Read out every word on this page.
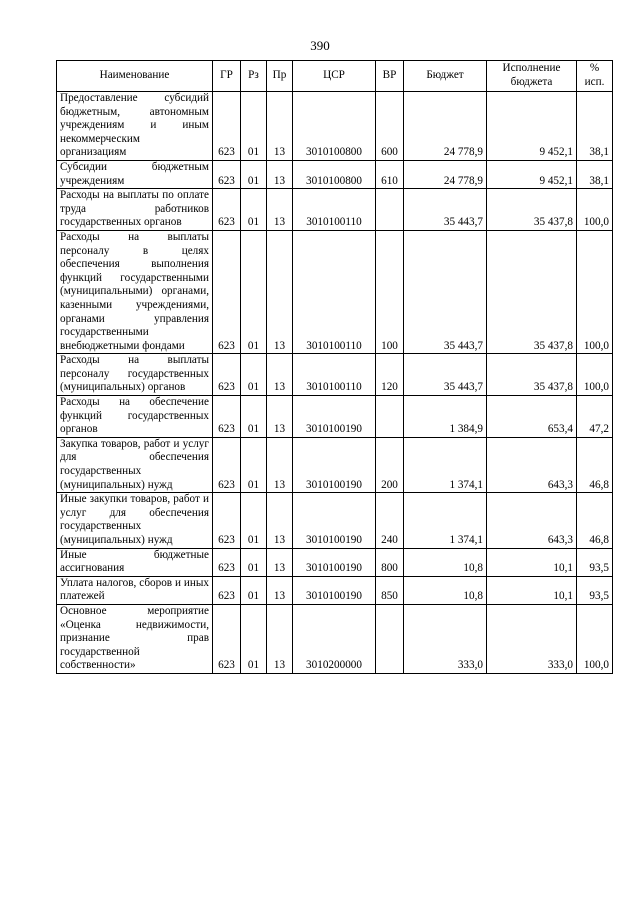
390
Наименование	ГР	Рз	Пр	ЦСР	ВР	Бюджет	Исполнение бюджета	% исп.
Предоставление субсидий бюджетным, автономным учреждениям и иным некоммерческим организациям	623	01	13	3010100800	600	24 778,9	9 452,1	38,1
Субсидии бюджетным учреждениям	623	01	13	3010100800	610	24 778,9	9 452,1	38,1
Расходы на выплаты по оплате труда работников государственных органов	623	01	13	3010100110		35 443,7	35 437,8	100,0
Расходы на выплаты персоналу в целях обеспечения выполнения функций государственными (муниципальными) органами, казенными учреждениями, органами управления государственными внебюджетными фондами	623	01	13	3010100110	100	35 443,7	35 437,8	100,0
Расходы на выплаты персоналу государственных (муниципальных) органов	623	01	13	3010100110	120	35 443,7	35 437,8	100,0
Расходы на обеспечение функций государственных органов	623	01	13	3010100190		1 384,9	653,4	47,2
Закупка товаров, работ и услуг для обеспечения государственных (муниципальных) нужд	623	01	13	3010100190	200	1 374,1	643,3	46,8
Иные закупки товаров, работ и услуг для обеспечения государственных (муниципальных) нужд	623	01	13	3010100190	240	1 374,1	643,3	46,8
Иные бюджетные ассигнования	623	01	13	3010100190	800	10,8	10,1	93,5
Уплата налогов, сборов и иных платежей	623	01	13	3010100190	850	10,8	10,1	93,5
Основное мероприятие «Оценка недвижимости, признание прав государственной собственности»	623	01	13	3010200000		333,0	333,0	100,0
